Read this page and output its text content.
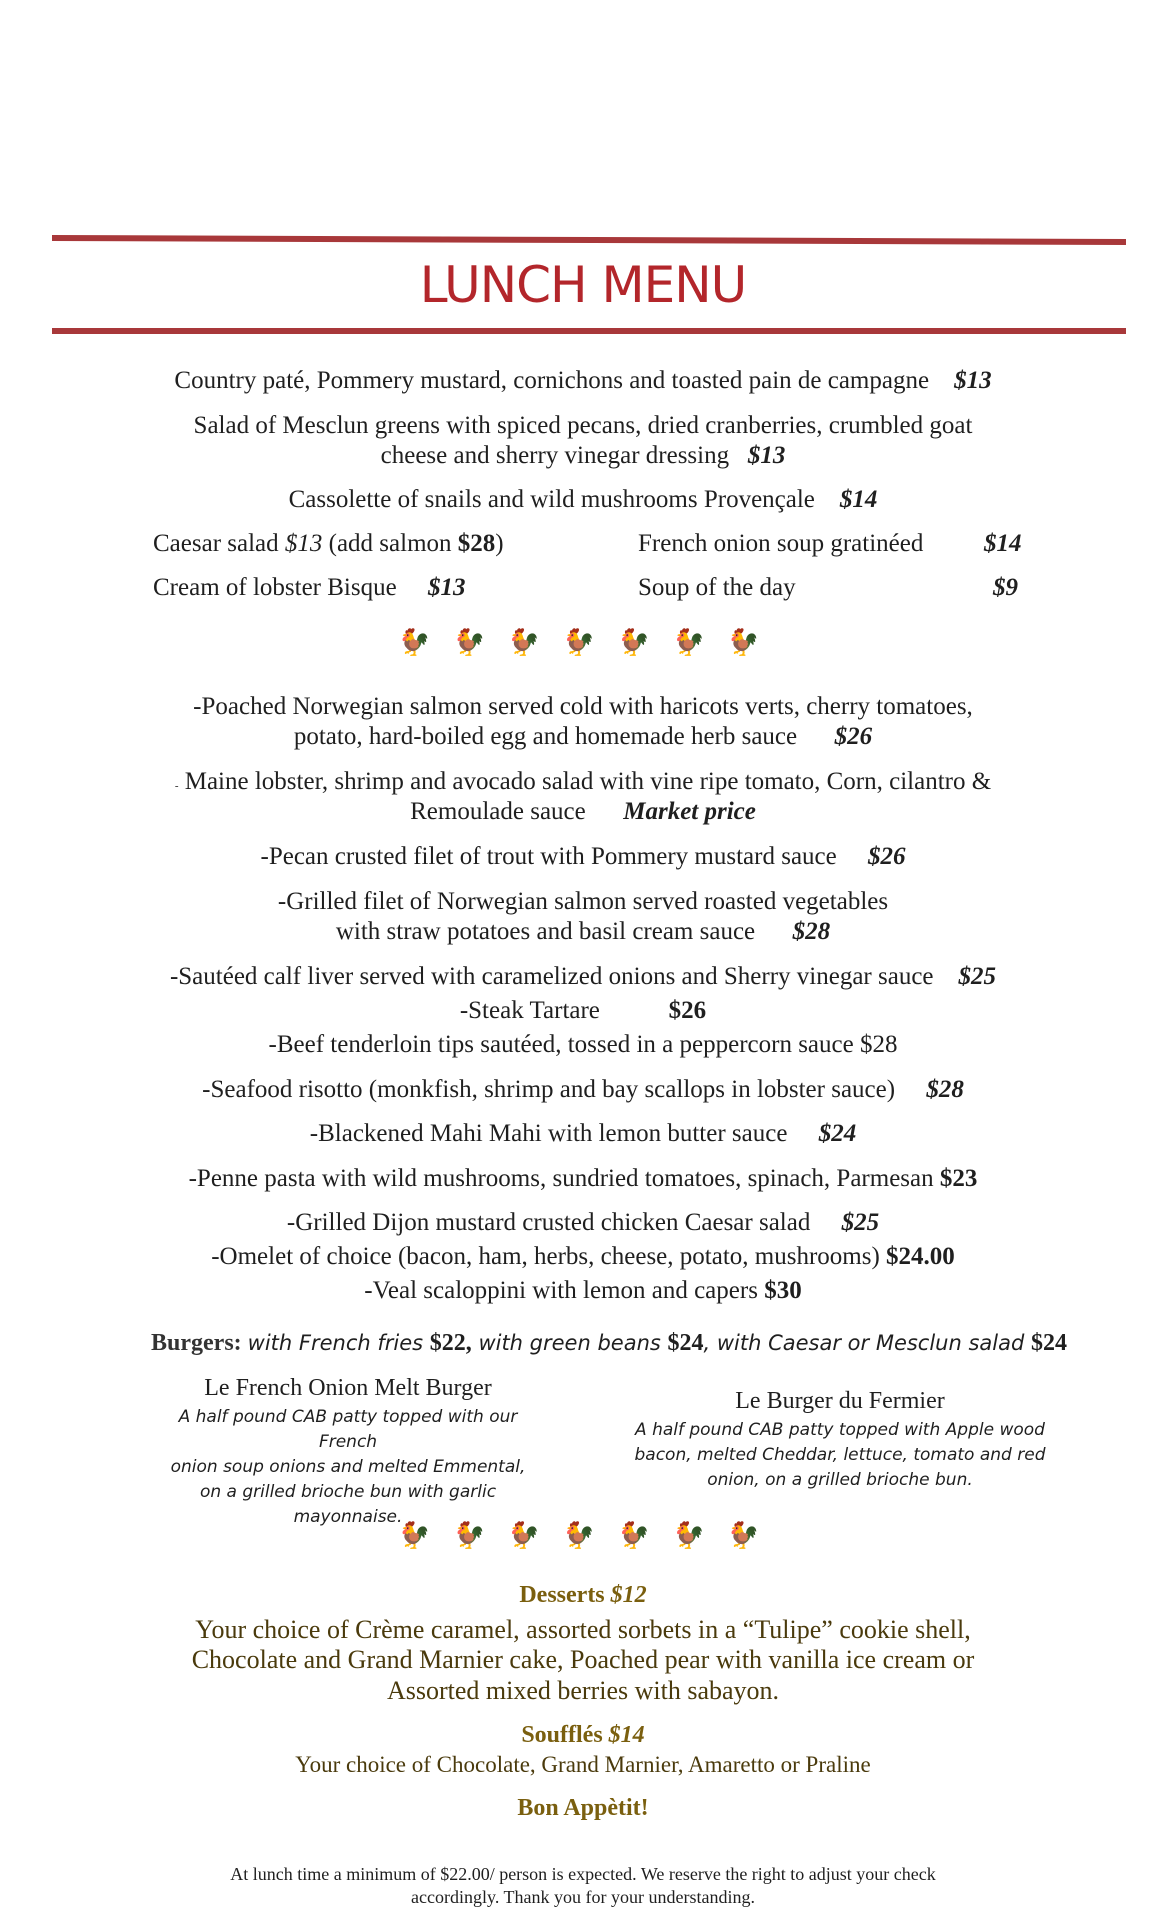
LUNCH MENU
Country paté, Pommery mustard, cornichons and toasted pain de campagne $13
Salad of Mesclun greens with spiced pecans, dried cranberries, crumbled goat
cheese and sherry vinegar dressing $13
Cassolette of snails and wild mushrooms Provençale $14
Caesar salad $13 (add salmon $28)	French onion soup gratinéed $14
Cream of lobster Bisque $13	Soup of the day	$9
🐓 🐓 🐓 🐓 🐓 🐓 🐓
-Poached Norwegian salmon served cold with haricots verts, cherry tomatoes,
potato, hard-boiled egg and homemade herb sauce $26
- Maine lobster, shrimp and avocado salad with vine ripe tomato, Corn, cilantro &
Remoulade sauce Market price
-Pecan crusted filet of trout with Pommery mustard sauce $26
-Grilled filet of Norwegian salmon served roasted vegetables
with straw potatoes and basil cream sauce $28
-Sautéed calf liver served with caramelized onions and Sherry vinegar sauce $25
-Steak Tartare	$26
-Beef tenderloin tips sautéed, tossed in a peppercorn sauce $28
-Seafood risotto (monkfish, shrimp and bay scallops in lobster sauce) $28
-Blackened Mahi Mahi with lemon butter sauce $24
-Penne pasta with wild mushrooms, sundried tomatoes, spinach, Parmesan $23
-Grilled Dijon mustard crusted chicken Caesar salad $25
-Omelet of choice (bacon, ham, herbs, cheese, potato, mushrooms) $24.00
-Veal scaloppini with lemon and capers $30
Burgers: with French fries $22, with green beans $24, with Caesar or Mesclun salad $24
Le French Onion Melt Burger
A half pound CAB patty topped with our French
onion soup onions and melted Emmental,
on a grilled brioche bun with garlic
mayonnaise.
Le Burger du Fermier
A half pound CAB patty topped with Apple wood
bacon, melted Cheddar, lettuce, tomato and red
onion, on a grilled brioche bun.
🐓 🐓 🐓 🐓 🐓 🐓 🐓
Desserts $12
Your choice of Crème caramel, assorted sorbets in a “Tulipe” cookie shell,
Chocolate and Grand Marnier cake, Poached pear with vanilla ice cream or
Assorted mixed berries with sabayon.
Soufflés $14
Your choice of Chocolate, Grand Marnier, Amaretto or Praline
Bon Appètit!
At lunch time a minimum of $22.00/ person is expected. We reserve the right to adjust your check
accordingly. Thank you for your understanding.
